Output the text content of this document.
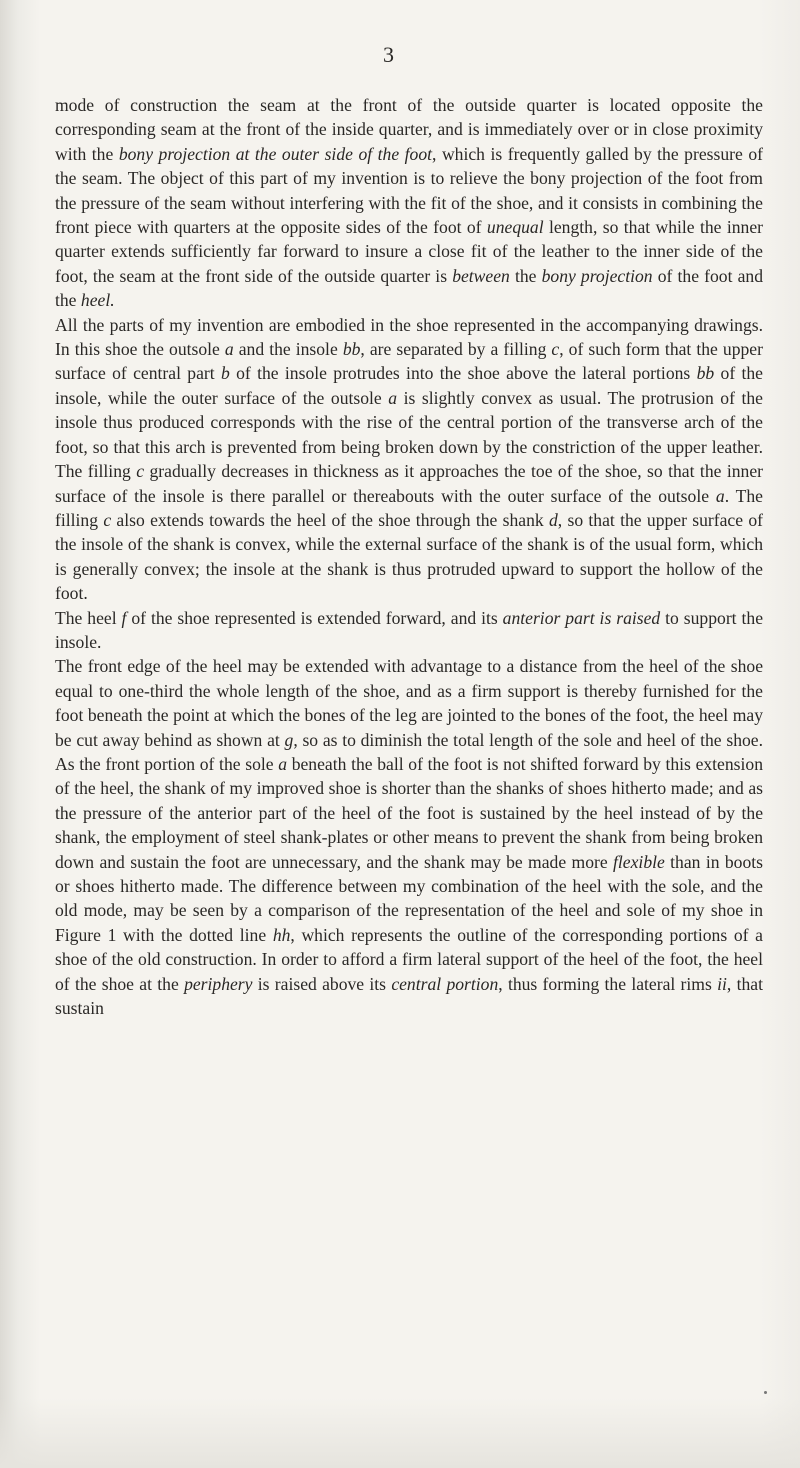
3

mode of construction the seam at the front of the outside quarter is located opposite the corresponding seam at the front of the inside quarter, and is immediately over or in close proximity with the bony projection at the outer side of the foot, which is frequently galled by the pressure of the seam. The object of this part of my invention is to relieve the bony projection of the foot from the pressure of the seam without interfering with the fit of the shoe, and it consists in combining the front piece with quarters at the opposite sides of the foot of unequal length, so that while the inner quarter extends sufficiently far forward to insure a close fit of the leather to the inner side of the foot, the seam at the front side of the outside quarter is between the bony projection of the foot and the heel.

All the parts of my invention are embodied in the shoe represented in the accompanying drawings. In this shoe the outsole a and the insole bb, are separated by a filling c, of such form that the upper surface of central part b of the insole protrudes into the shoe above the lateral portions bb of the insole, while the outer surface of the outsole a is slightly convex as usual. The protrusion of the insole thus produced corresponds with the rise of the central portion of the transverse arch of the foot, so that this arch is prevented from being broken down by the constriction of the upper leather. The filling c gradually decreases in thickness as it approaches the toe of the shoe, so that the inner surface of the insole is there parallel or thereabouts with the outer surface of the outsole a. The filling c also extends towards the heel of the shoe through the shank d, so that the upper surface of the insole of the shank is convex, while the external surface of the shank is of the usual form, which is generally convex; the insole at the shank is thus protruded upward to support the hollow of the foot.

The heel f of the shoe represented is extended forward, and its anterior part is raised to support the insole.

The front edge of the heel may be extended with advantage to a distance from the heel of the shoe equal to one-third the whole length of the shoe, and as a firm support is thereby furnished for the foot beneath the point at which the bones of the leg are jointed to the bones of the foot, the heel may be cut away behind as shown at g, so as to diminish the total length of the sole and heel of the shoe. As the front portion of the sole a beneath the ball of the foot is not shifted forward by this extension of the heel, the shank of my improved shoe is shorter than the shanks of shoes hitherto made; and as the pressure of the anterior part of the heel of the foot is sustained by the heel instead of by the shank, the employment of steel shank-plates or other means to prevent the shank from being broken down and sustain the foot are unnecessary, and the shank may be made more flexible than in boots or shoes hitherto made. The difference between my combination of the heel with the sole, and the old mode, may be seen by a comparison of the representation of the heel and sole of my shoe in Figure 1 with the dotted line hh, which represents the outline of the corresponding portions of a shoe of the old construction. In order to afford a firm lateral support of the heel of the foot, the heel of the shoe at the periphery is raised above its central portion, thus forming the lateral rims ii, that sustain
